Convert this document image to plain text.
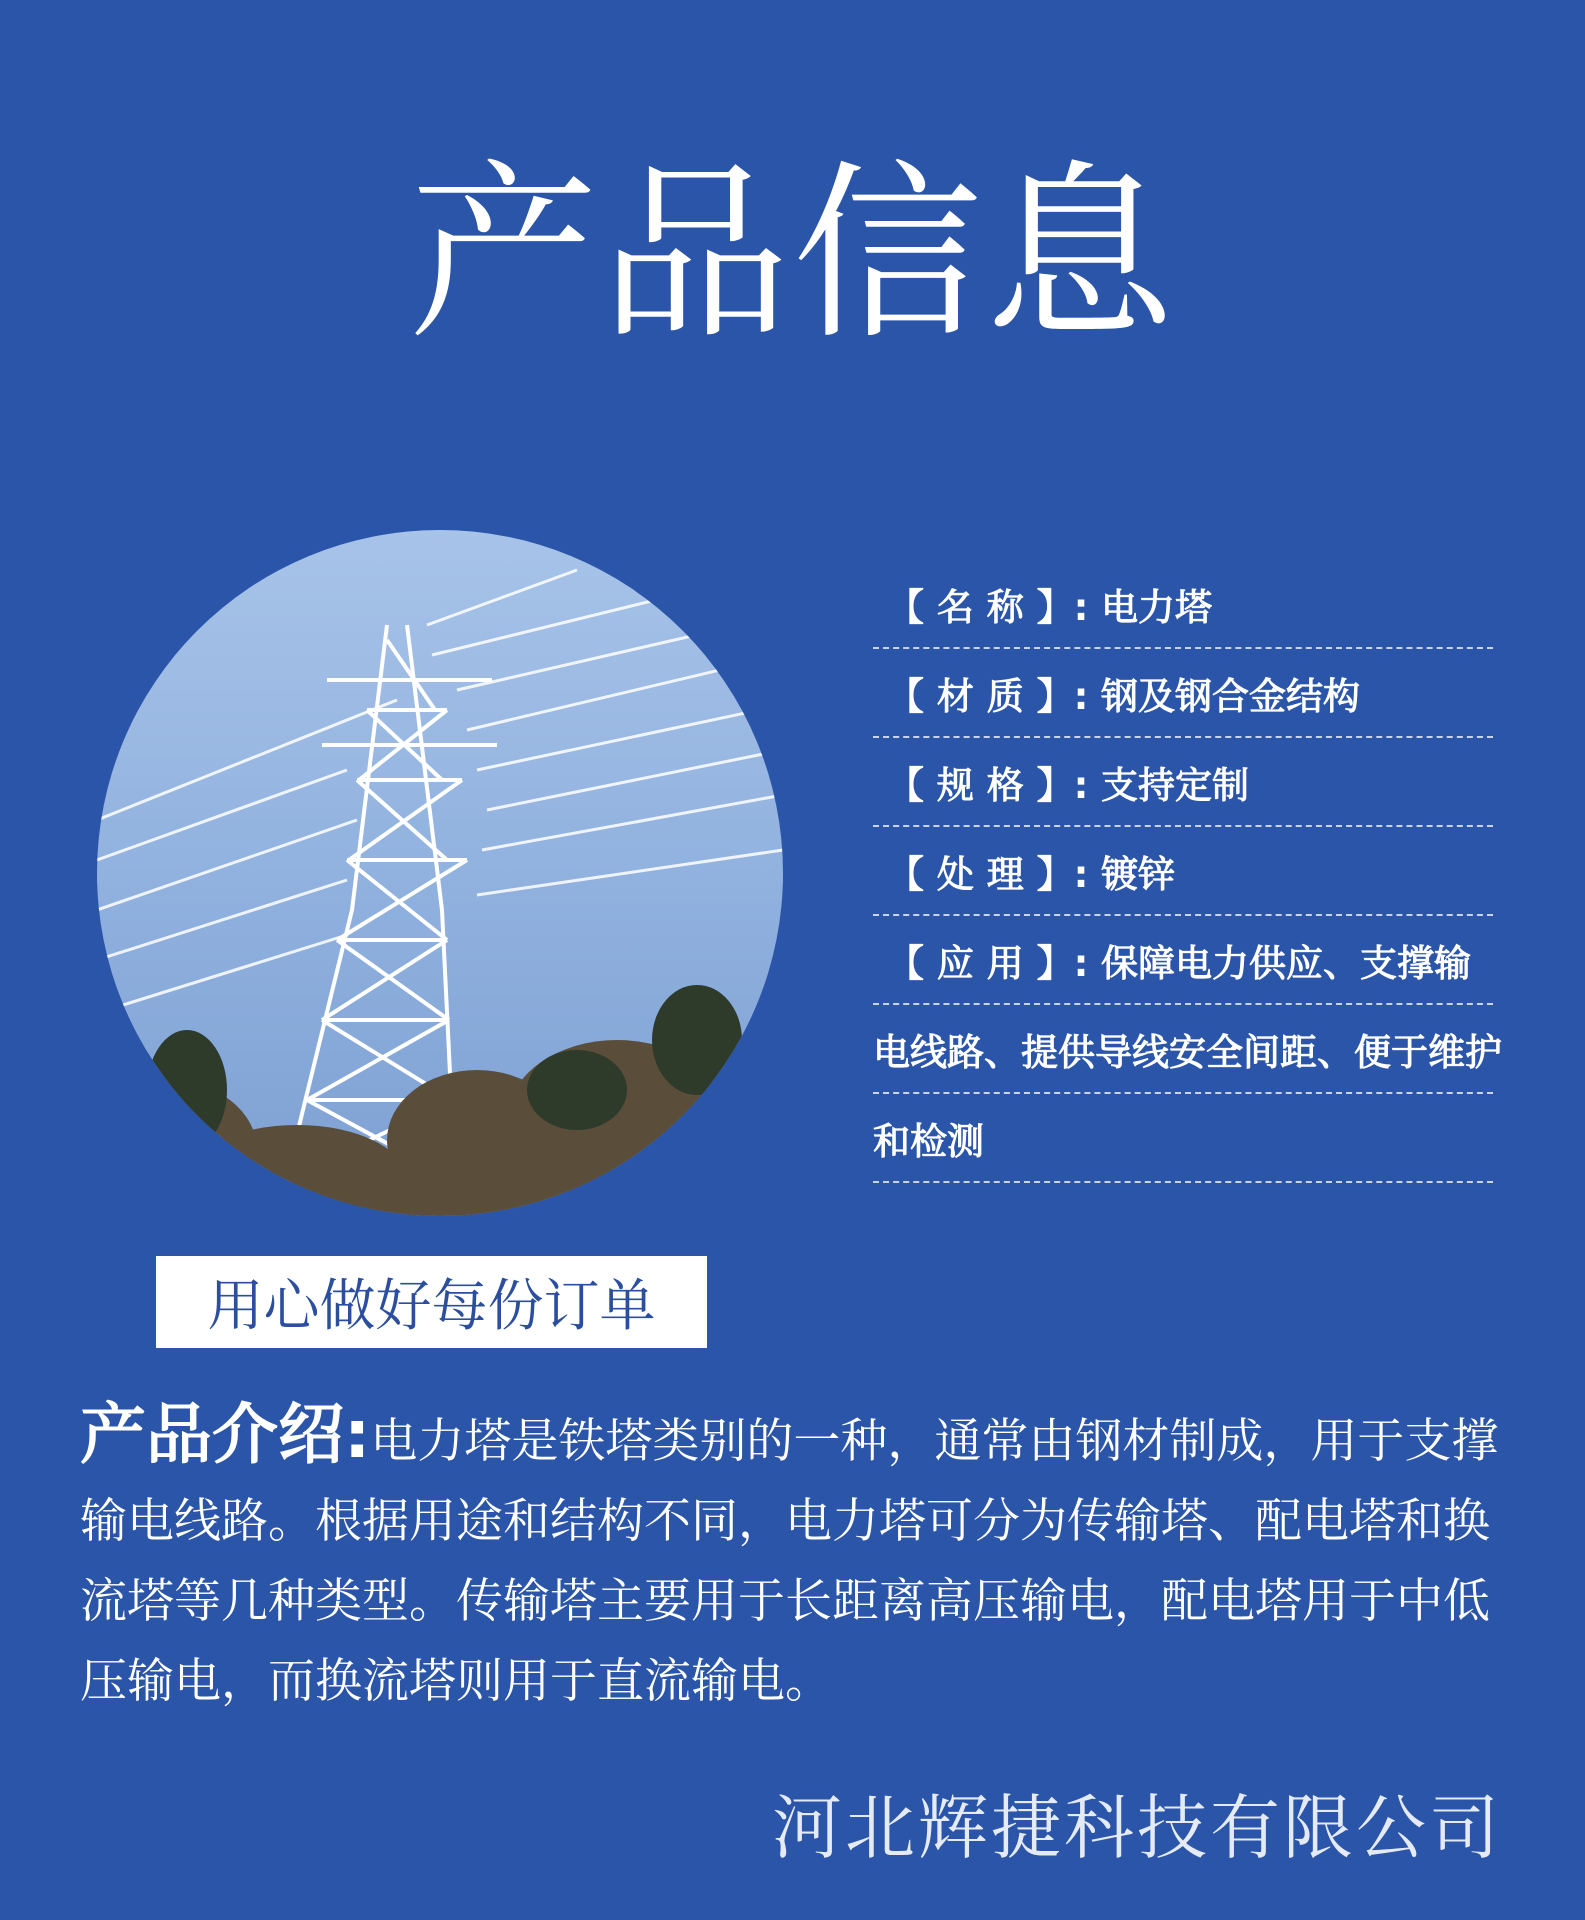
产品信息
【 名 称 】: 电力塔
【 材 质 】: 钢及钢合金结构
【 规 格 】: 支持定制
【 处 理 】: 镀锌
【 应 用 】: 保障电力供应、支撑输
电线路、提供导线安全间距、便于维护
和检测
用心做好每份订单
产品介绍:电力塔是铁塔类别的一种，通常由钢材制成，用于支撑输电线路。根据用途和结构不同，电力塔可分为传输塔、配电塔和换流塔等几种类型。传输塔主要用于长距离高压输电，配电塔用于中低压输电，而换流塔则用于直流输电。
河北辉捷科技有限公司
